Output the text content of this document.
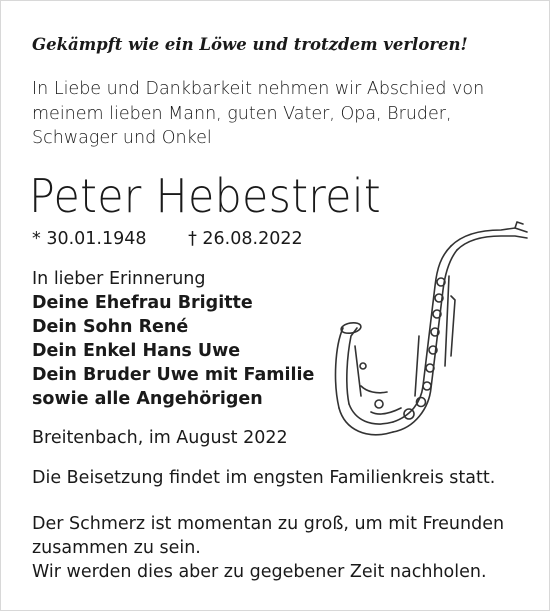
Gekämpft wie ein Löwe und trotzdem verloren!
In Liebe und Dankbarkeit nehmen wir Abschied von
meinem lieben Mann, guten Vater, Opa, Bruder,
Schwager und Onkel
Peter Hebestreit
* 30.01.1948 † 26.08.2022
In lieber Erinnerung
Deine Ehefrau Brigitte
Dein Sohn René
Dein Enkel Hans Uwe
Dein Bruder Uwe mit Familie
sowie alle Angehörigen
Breitenbach, im August 2022
Die Beisetzung findet im engsten Familienkreis statt.
Der Schmerz ist momentan zu groß, um mit Freunden
zusammen zu sein.
Wir werden dies aber zu gegebener Zeit nachholen.
